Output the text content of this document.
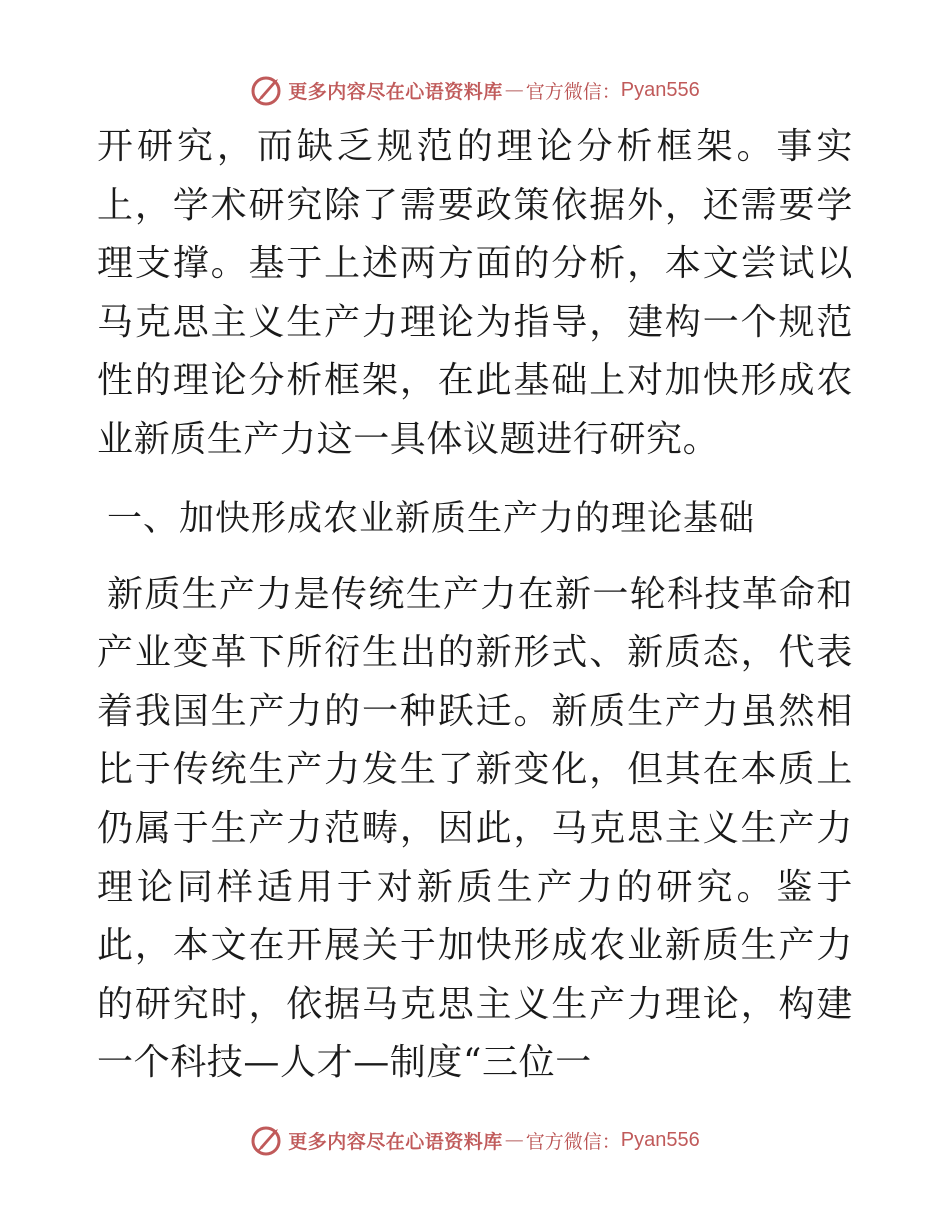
更多内容尽在心语资料库 — 官方微信： Pyan556

开研究，而缺乏规范的理论分析框架。事实上，学术研究除了需要政策依据外，还需要学理支撑。基于上述两方面的分析，本文尝试以马克思主义生产力理论为指导，建构一个规范性的理论分析框架，在此基础上对加快形成农业新质生产力这一具体议题进行研究。

一、加快形成农业新质生产力的理论基础

新质生产力是传统生产力在新一轮科技革命和产业变革下所衍生出的新形式、新质态，代表着我国生产力的一种跃迁。新质生产力虽然相比于传统生产力发生了新变化，但其在本质上仍属于生产力范畴，因此，马克思主义生产力理论同样适用于对新质生产力的研究。鉴于此，本文在开展关于加快形成农业新质生产力的研究时，依据马克思主义生产力理论，构建一个科技—人才—制度“三位一

更多内容尽在心语资料库 — 官方微信： Pyan556
